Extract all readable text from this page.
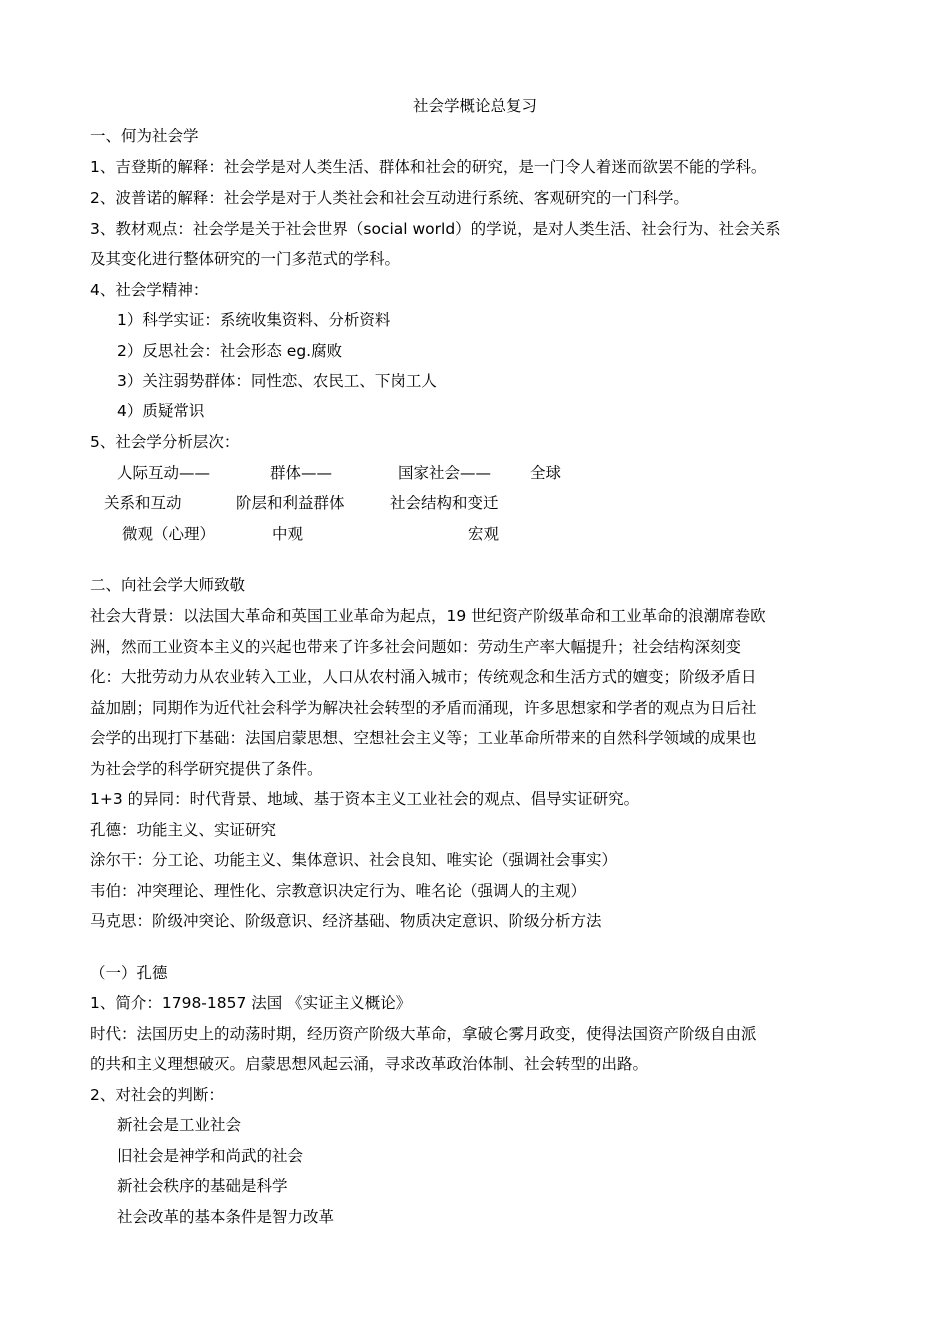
社会学概论总复习
一、何为社会学
1、吉登斯的解释：社会学是对人类生活、群体和社会的研究，是一门令人着迷而欲罢不能的学科。
2、波普诺的解释：社会学是对于人类社会和社会互动进行系统、客观研究的一门科学。
3、教材观点：社会学是关于社会世界（social world）的学说，是对人类生活、社会行为、社会关系
及其变化进行整体研究的一门多范式的学科。
4、社会学精神：
1）科学实证：系统收集资料、分析资料
2）反思社会：社会形态 eg.腐败
3）关注弱势群体：同性恋、农民工、下岗工人
4）质疑常识
5、社会学分析层次：
人际互动——	群体——	国家社会——	全球
关系和互动	阶层和利益群体	社会结构和变迁
微观（心理）	中观	宏观
二、向社会学大师致敬
社会大背景：以法国大革命和英国工业革命为起点，19 世纪资产阶级革命和工业革命的浪潮席卷欧
洲，然而工业资本主义的兴起也带来了许多社会问题如：劳动生产率大幅提升；社会结构深刻变
化：大批劳动力从农业转入工业，人口从农村涌入城市；传统观念和生活方式的嬗变；阶级矛盾日
益加剧；同期作为近代社会科学为解决社会转型的矛盾而涌现，许多思想家和学者的观点为日后社
会学的出现打下基础：法国启蒙思想、空想社会主义等；工业革命所带来的自然科学领域的成果也
为社会学的科学研究提供了条件。
1+3 的异同：时代背景、地域、基于资本主义工业社会的观点、倡导实证研究。
孔德：功能主义、实证研究
涂尔干：分工论、功能主义、集体意识、社会良知、唯实论（强调社会事实）
韦伯：冲突理论、理性化、宗教意识决定行为、唯名论（强调人的主观）
马克思：阶级冲突论、阶级意识、经济基础、物质决定意识、阶级分析方法
（一）孔德
1、简介：1798-1857 法国 《实证主义概论》
时代：法国历史上的动荡时期，经历资产阶级大革命，拿破仑雾月政变，使得法国资产阶级自由派
的共和主义理想破灭。启蒙思想风起云涌，寻求改革政治体制、社会转型的出路。
2、对社会的判断：
新社会是工业社会
旧社会是神学和尚武的社会
新社会秩序的基础是科学
社会改革的基本条件是智力改革
